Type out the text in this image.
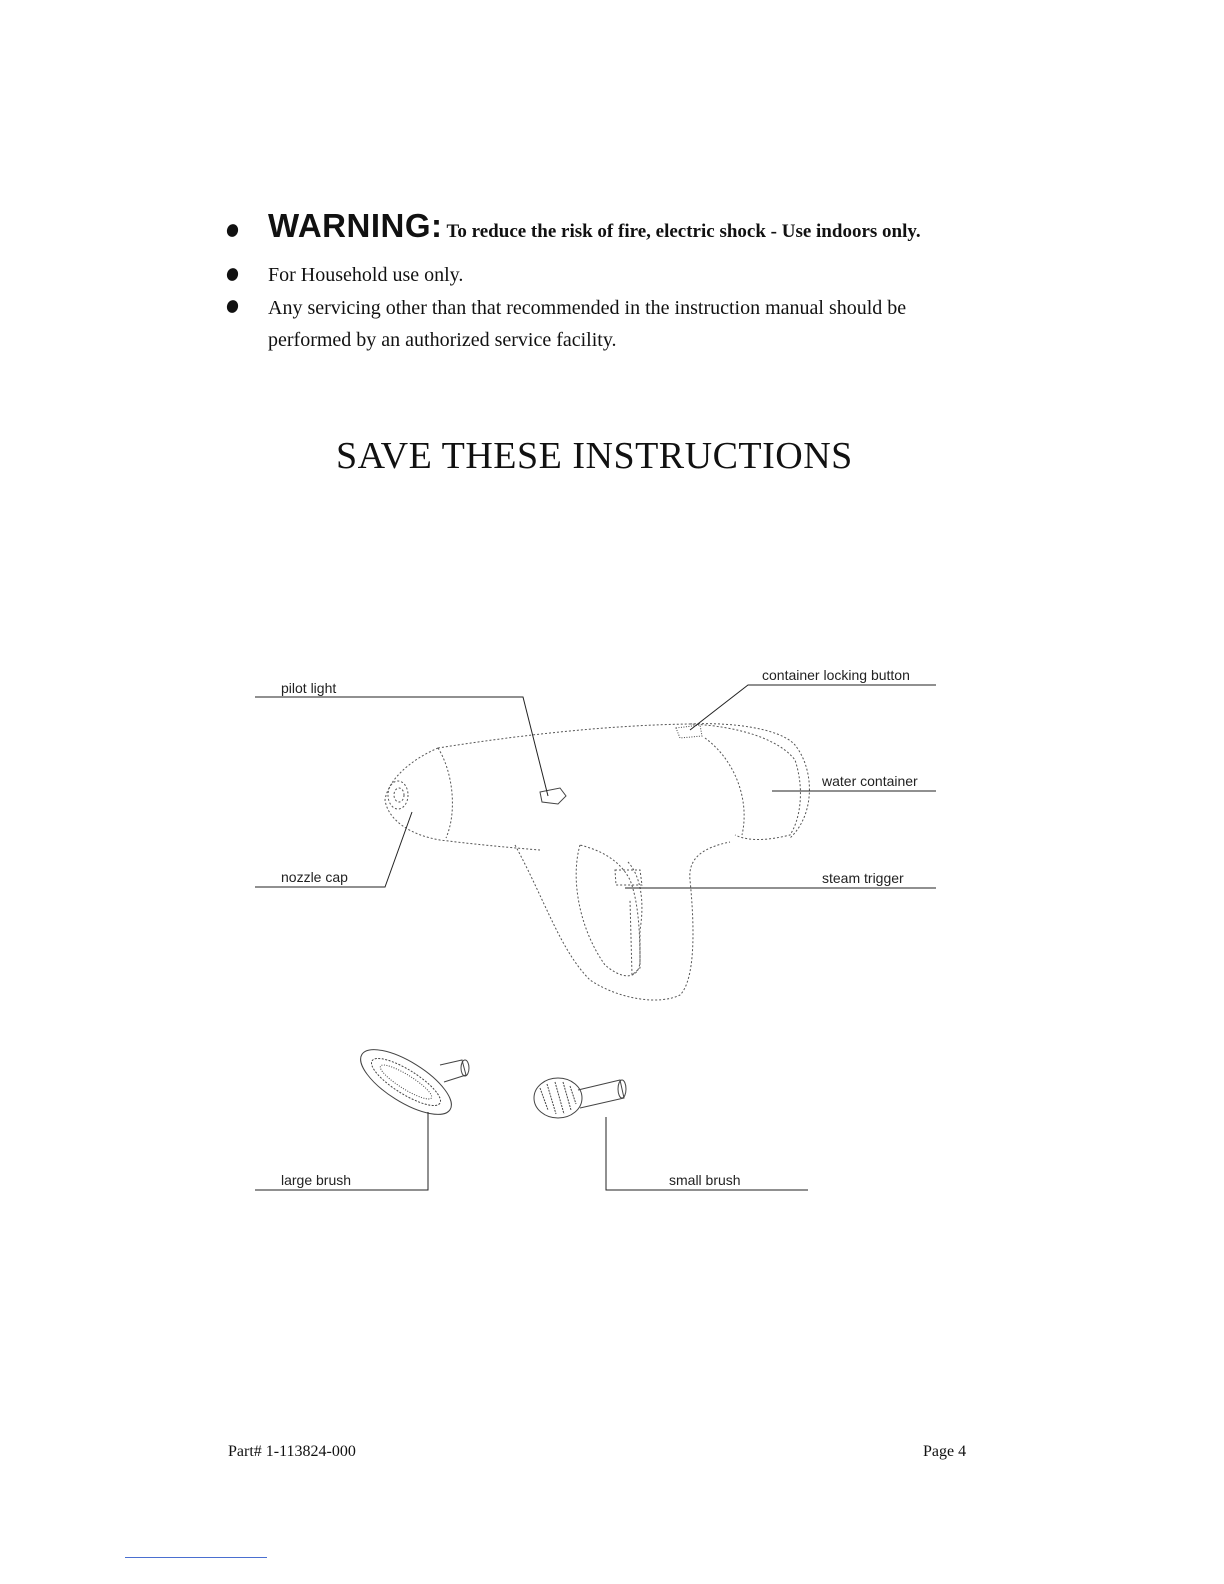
WARNING: To reduce the risk of fire, electric shock - Use indoors only.
For Household use only.
Any servicing other than that recommended in the instruction manual should be
performed by an authorized service facility.
SAVE THESE INSTRUCTIONS
pilot light
container locking button
water container
nozzle cap	steam trigger
large brush	small brush
Part# 1-113824-000	Page 4
